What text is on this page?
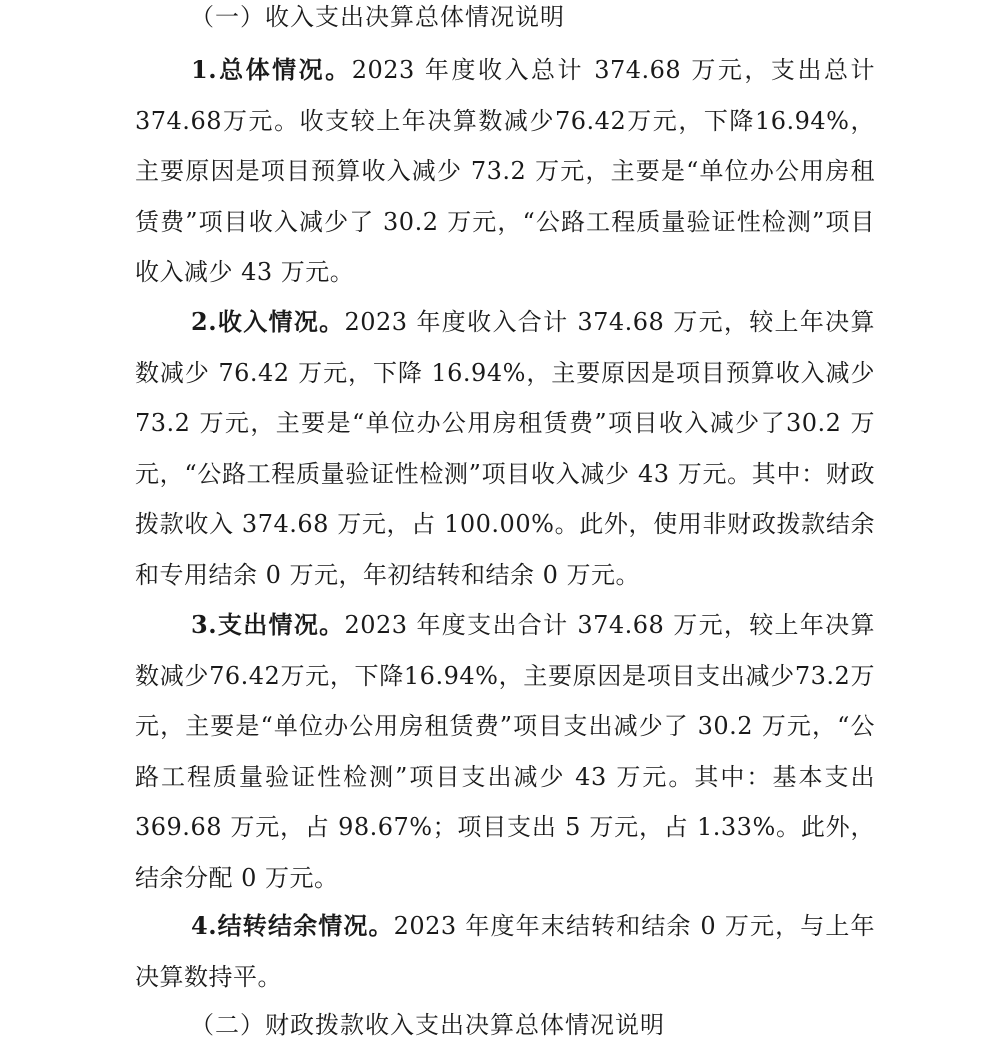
（一）收入支出决算总体情况说明
1.总体情况。2023 年度收入总计 374.68 万元，支出总计 374.68万元。收支较上年决算数减少76.42万元，下降16.94%，主要原因是项目预算收入减少 73.2 万元，主要是“单位办公用房租赁费”项目收入减少了 30.2 万元，“公路工程质量验证性检测”项目收入减少 43 万元。
2.收入情况。2023 年度收入合计 374.68 万元，较上年决算数减少 76.42 万元，下降 16.94%，主要原因是项目预算收入减少 73.2 万元，主要是“单位办公用房租赁费”项目收入减少了30.2 万元，“公路工程质量验证性检测”项目收入减少 43 万元。其中：财政拨款收入 374.68 万元，占 100.00%。此外，使用非财政拨款结余和专用结余 0 万元，年初结转和结余 0 万元。
3.支出情况。2023 年度支出合计 374.68 万元，较上年决算数减少76.42万元，下降16.94%，主要原因是项目支出减少73.2万元，主要是“单位办公用房租赁费”项目支出减少了 30.2 万元，“公路工程质量验证性检测”项目支出减少 43 万元。其中：基本支出 369.68 万元，占 98.67%；项目支出 5 万元，占 1.33%。此外，结余分配 0 万元。
4.结转结余情况。2023 年度年末结转和结余 0 万元，与上年决算数持平。
（二）财政拨款收入支出决算总体情况说明
